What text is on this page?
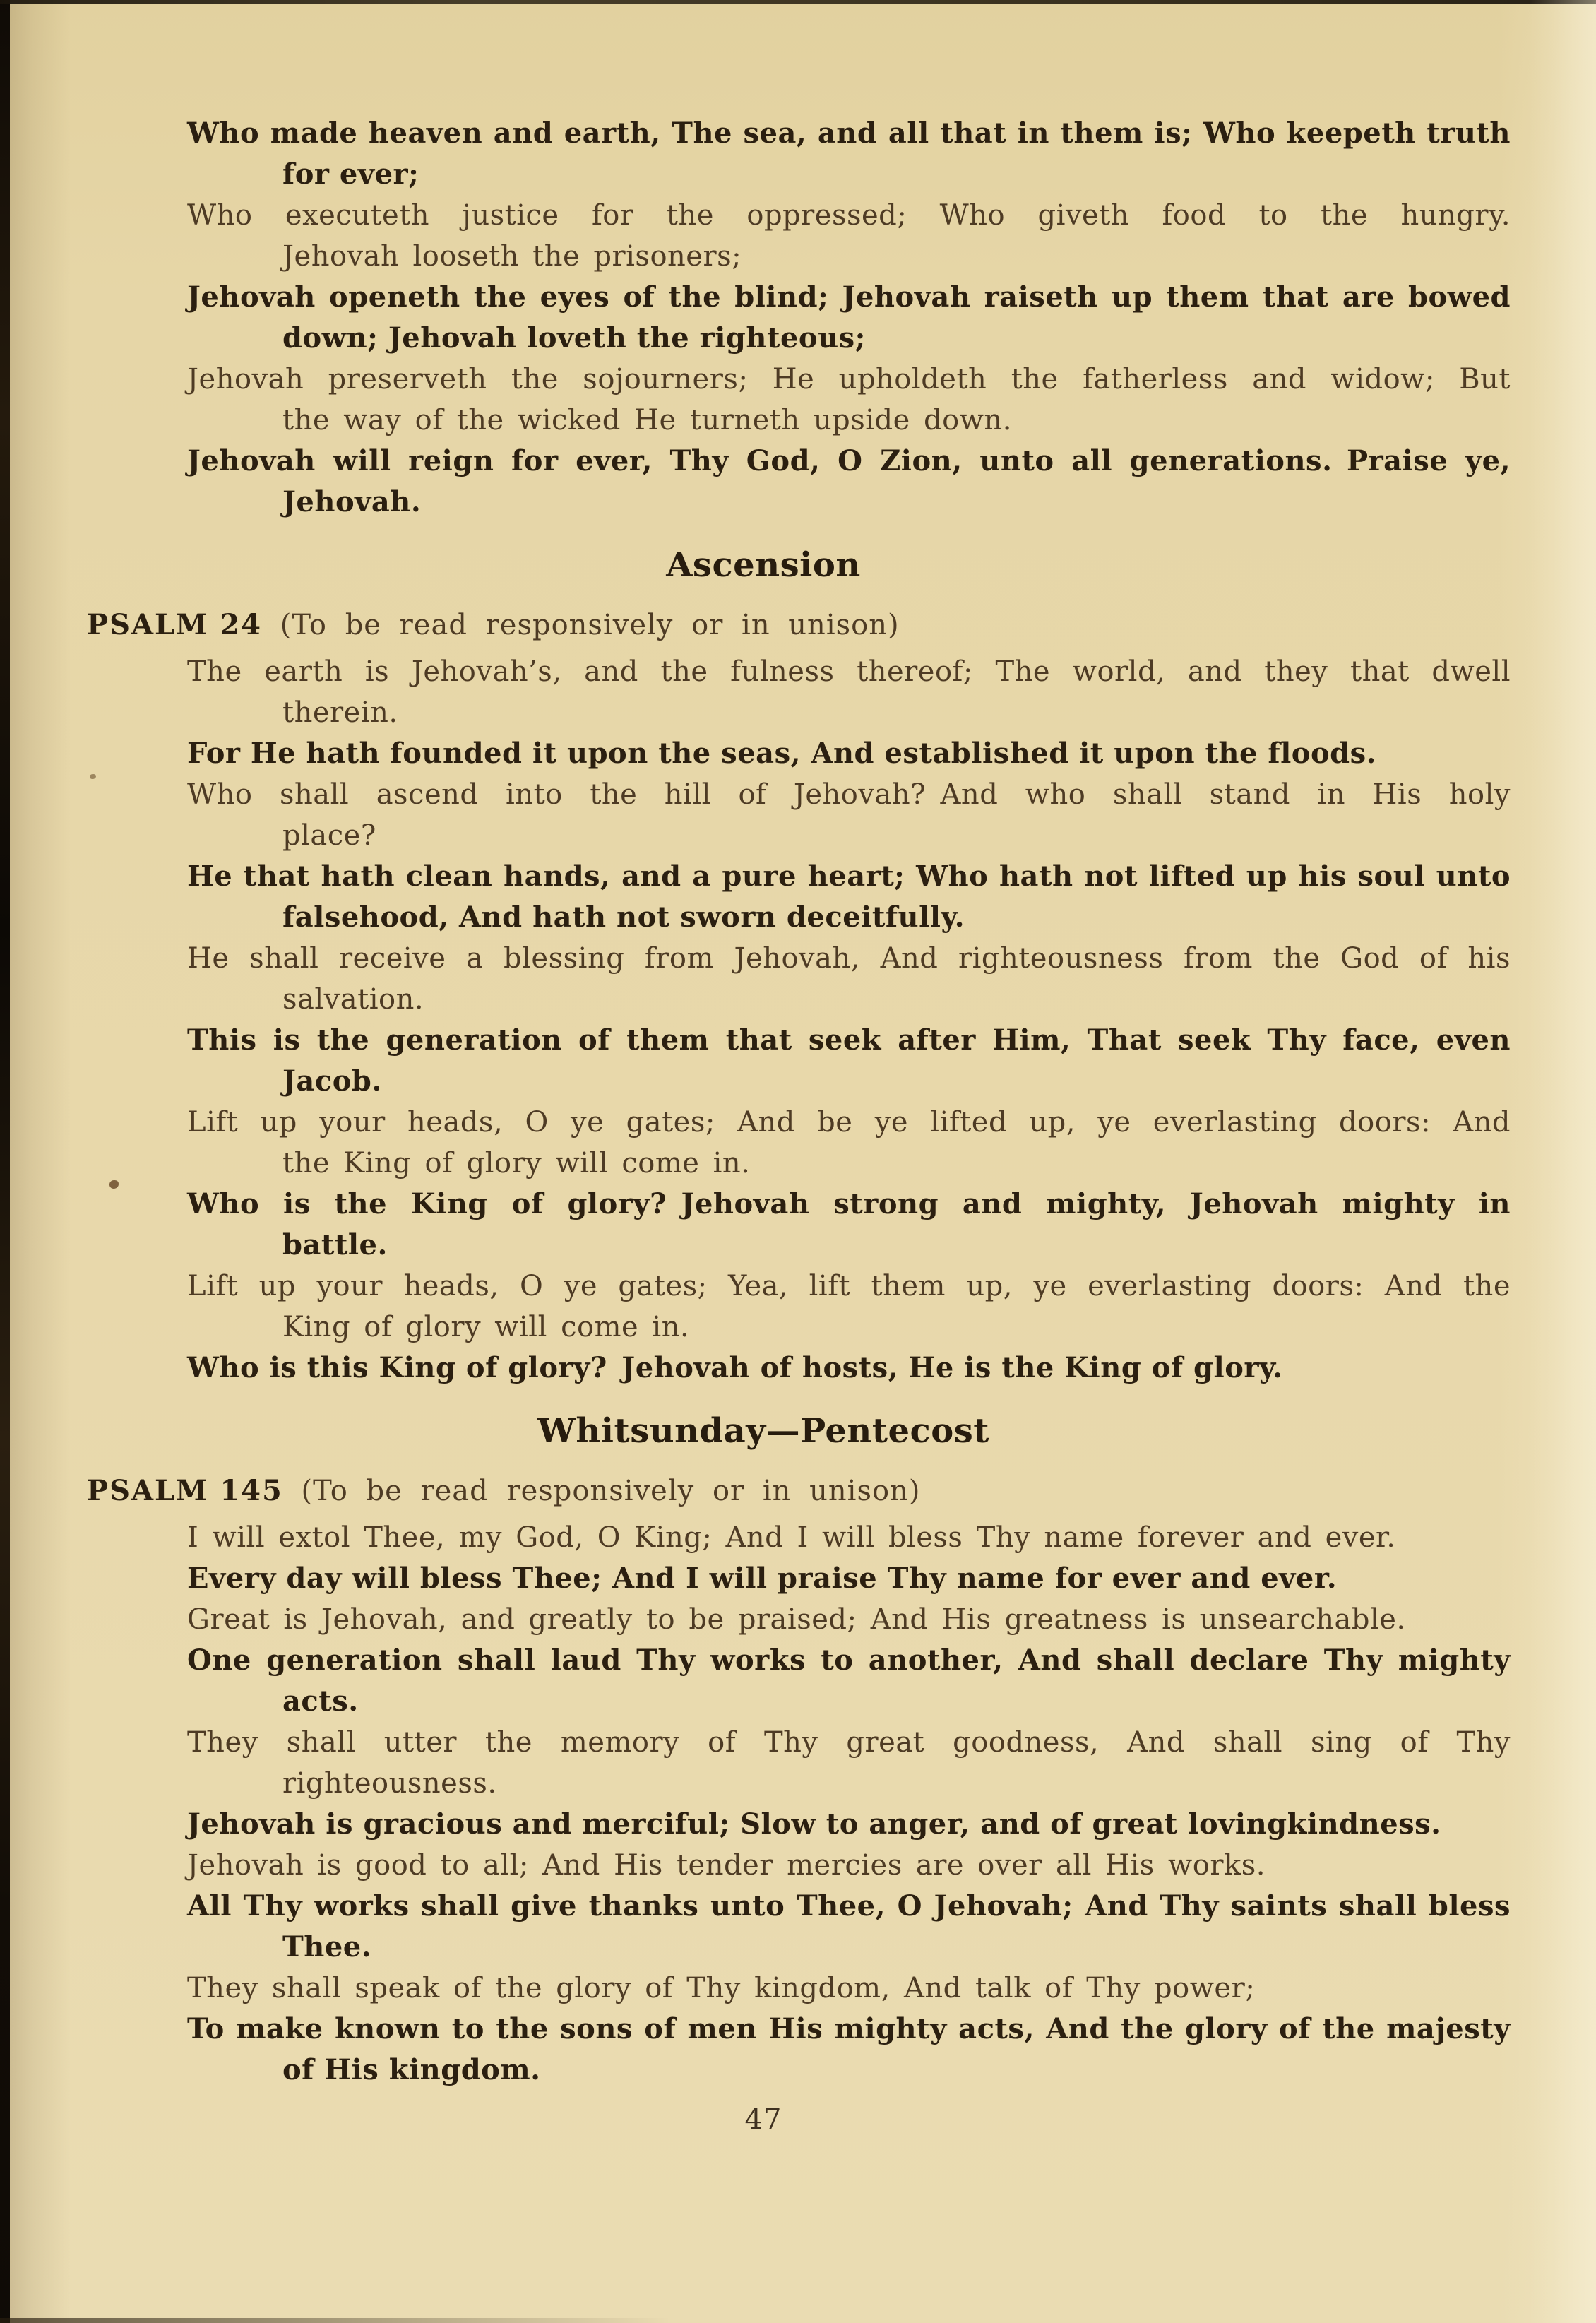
Who made heaven and earth, The sea, and all that in them is; Who keepeth truth
for ever;
Who executeth justice for the oppressed; Who giveth food to the hungry.
Jehovah looseth the prisoners;
Jehovah openeth the eyes of the blind; Jehovah raiseth up them that are bowed
down; Jehovah loveth the righteous;
Jehovah preserveth the sojourners; He upholdeth the fatherless and widow; But
the way of the wicked He turneth upside down.
Jehovah will reign for ever, Thy God, O Zion, unto all generations. Praise ye,
Jehovah.
Ascension
PSALM 24 (To be read responsively or in unison)
The earth is Jehovah’s, and the fulness thereof; The world, and they that dwell
therein.
For He hath founded it upon the seas, And established it upon the floods.
Who shall ascend into the hill of Jehovah? And who shall stand in His holy
place?
He that hath clean hands, and a pure heart; Who hath not lifted up his soul unto
falsehood, And hath not sworn deceitfully.
He shall receive a blessing from Jehovah, And righteousness from the God of his
salvation.
This is the generation of them that seek after Him, That seek Thy face, even
Jacob.
Lift up your heads, O ye gates; And be ye lifted up, ye everlasting doors: And
the King of glory will come in.
Who is the King of glory? Jehovah strong and mighty, Jehovah mighty in
battle.
Lift up your heads, O ye gates; Yea, lift them up, ye everlasting doors: And the
King of glory will come in.
Who is this King of glory? Jehovah of hosts, He is the King of glory.
Whitsunday—Pentecost
PSALM 145 (To be read responsively or in unison)
I will extol Thee, my God, O King; And I will bless Thy name forever and ever.
Every day will bless Thee; And I will praise Thy name for ever and ever.
Great is Jehovah, and greatly to be praised; And His greatness is unsearchable.
One generation shall laud Thy works to another, And shall declare Thy mighty
acts.
They shall utter the memory of Thy great goodness, And shall sing of Thy
righteousness.
Jehovah is gracious and merciful; Slow to anger, and of great lovingkindness.
Jehovah is good to all; And His tender mercies are over all His works.
All Thy works shall give thanks unto Thee, O Jehovah; And Thy saints shall bless
Thee.
They shall speak of the glory of Thy kingdom, And talk of Thy power;
To make known to the sons of men His mighty acts, And the glory of the majesty
of His kingdom.
47
